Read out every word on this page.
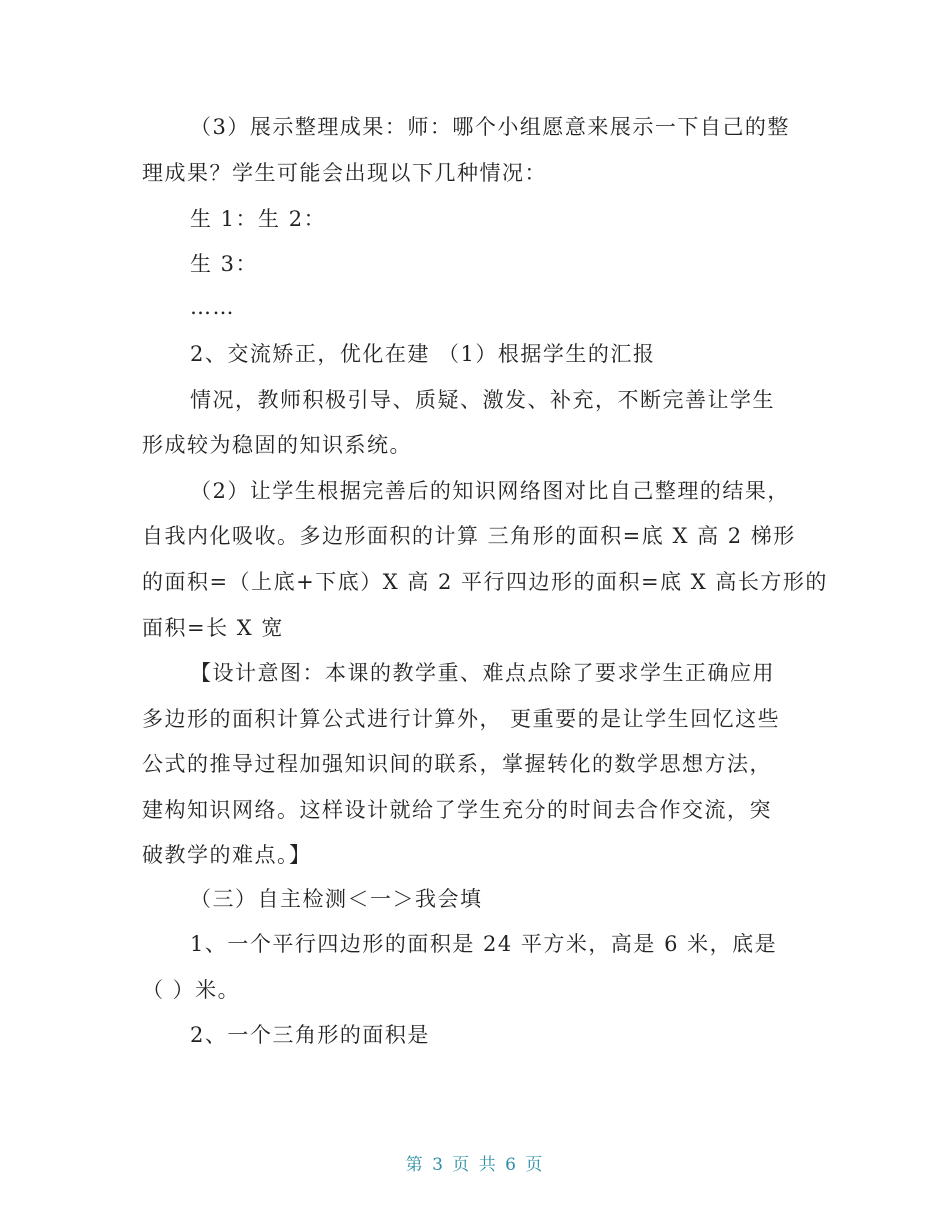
（3）展示整理成果：师：哪个小组愿意来展示一下自己的整
理成果？学生可能会出现以下几种情况：
生 1：生 2：
生 3：
……
2、交流矫正，优化在建 （1）根据学生的汇报
情况，教师积极引导、质疑、激发、补充，不断完善让学生
形成较为稳固的知识系统。
（2）让学生根据完善后的知识网络图对比自己整理的结果，
自我内化吸收。多边形面积的计算 三角形的面积=底 X 高 2 梯形
的面积=（上底+下底）X 高 2 平行四边形的面积=底 X 高长方形的
面积=长 X 宽
【设计意图：本课的教学重、难点点除了要求学生正确应用
多边形的面积计算公式进行计算外， 更重要的是让学生回忆这些
公式的推导过程加强知识间的联系，掌握转化的数学思想方法，
建构知识网络。这样设计就给了学生充分的时间去合作交流，突
破教学的难点。】
（三）自主检测＜一＞我会填
1、一个平行四边形的面积是 24 平方米，高是 6 米，底是
（ ）米。
2、一个三角形的面积是
第 3 页 共 6 页
